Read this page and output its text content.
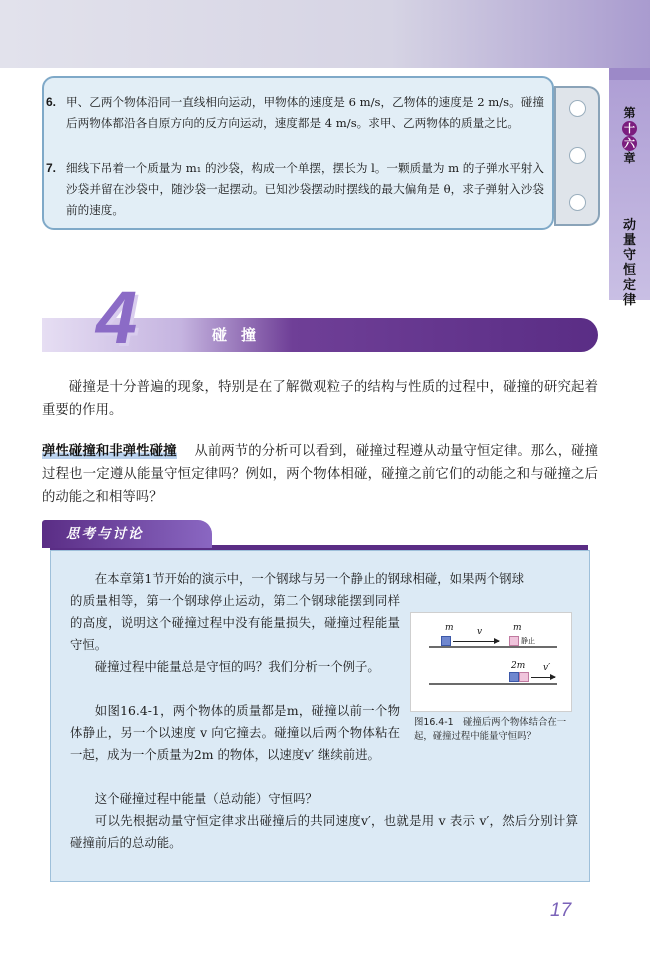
第
十
六
章
动
量
守
恒
定
律
6. 甲、乙两个物体沿同一直线相向运动，甲物体的速度是 6 m/s，乙物体的速度是 2 m/s。碰撞后两物体都沿各自原方向的反方向运动，速度都是 4 m/s。求甲、乙两物体的质量之比。
7. 细线下吊着一个质量为 m₁ 的沙袋，构成一个单摆，摆长为 l。一颗质量为 m 的子弹水平射入沙袋并留在沙袋中，随沙袋一起摆动。已知沙袋摆动时摆线的最大偏角是 θ，求子弹射入沙袋前的速度。
4	碰撞
碰撞是十分普遍的现象，特别是在了解微观粒子的结构与性质的过程中，碰撞的研究起着重要的作用。
弹性碰撞和非弹性碰撞 　 从前两节的分析可以看到，碰撞过程遵从动量守恒定律。那么，碰撞过程也一定遵从能量守恒定律吗？例如，两个物体相碰，碰撞之前它们的动能之和与碰撞之后的动能之和相等吗？
思考与讨论
在本章第1节开始的演示中，一个钢球与另一个静止的钢球相碰，如果两个钢球
的质量相等，第一个钢球停止运动，第二个钢球能摆到同样的高度，说明这个碰撞过程中没有能量损失，碰撞过程能量守恒。
碰撞过程中能量总是守恒的吗？我们分析一个例子。
如图16.4-1，两个物体的质量都是m，碰撞以前一个物体静止，另一个以速度 v 向它撞去。碰撞以后两个物体粘在一起，成为一个质量为2m 的物体，以速度v′ 继续前进。
这个碰撞过程中能量（总动能）守恒吗？
可以先根据动量守恒定律求出碰撞后的共同速度v′，也就是用 v 表示 v′，然后分别计算碰撞前后的总动能。
m	v	m
静止
2m v′
图16.4-1　碰撞后两个物体结合在一起，碰撞过程中能量守恒吗？
17
